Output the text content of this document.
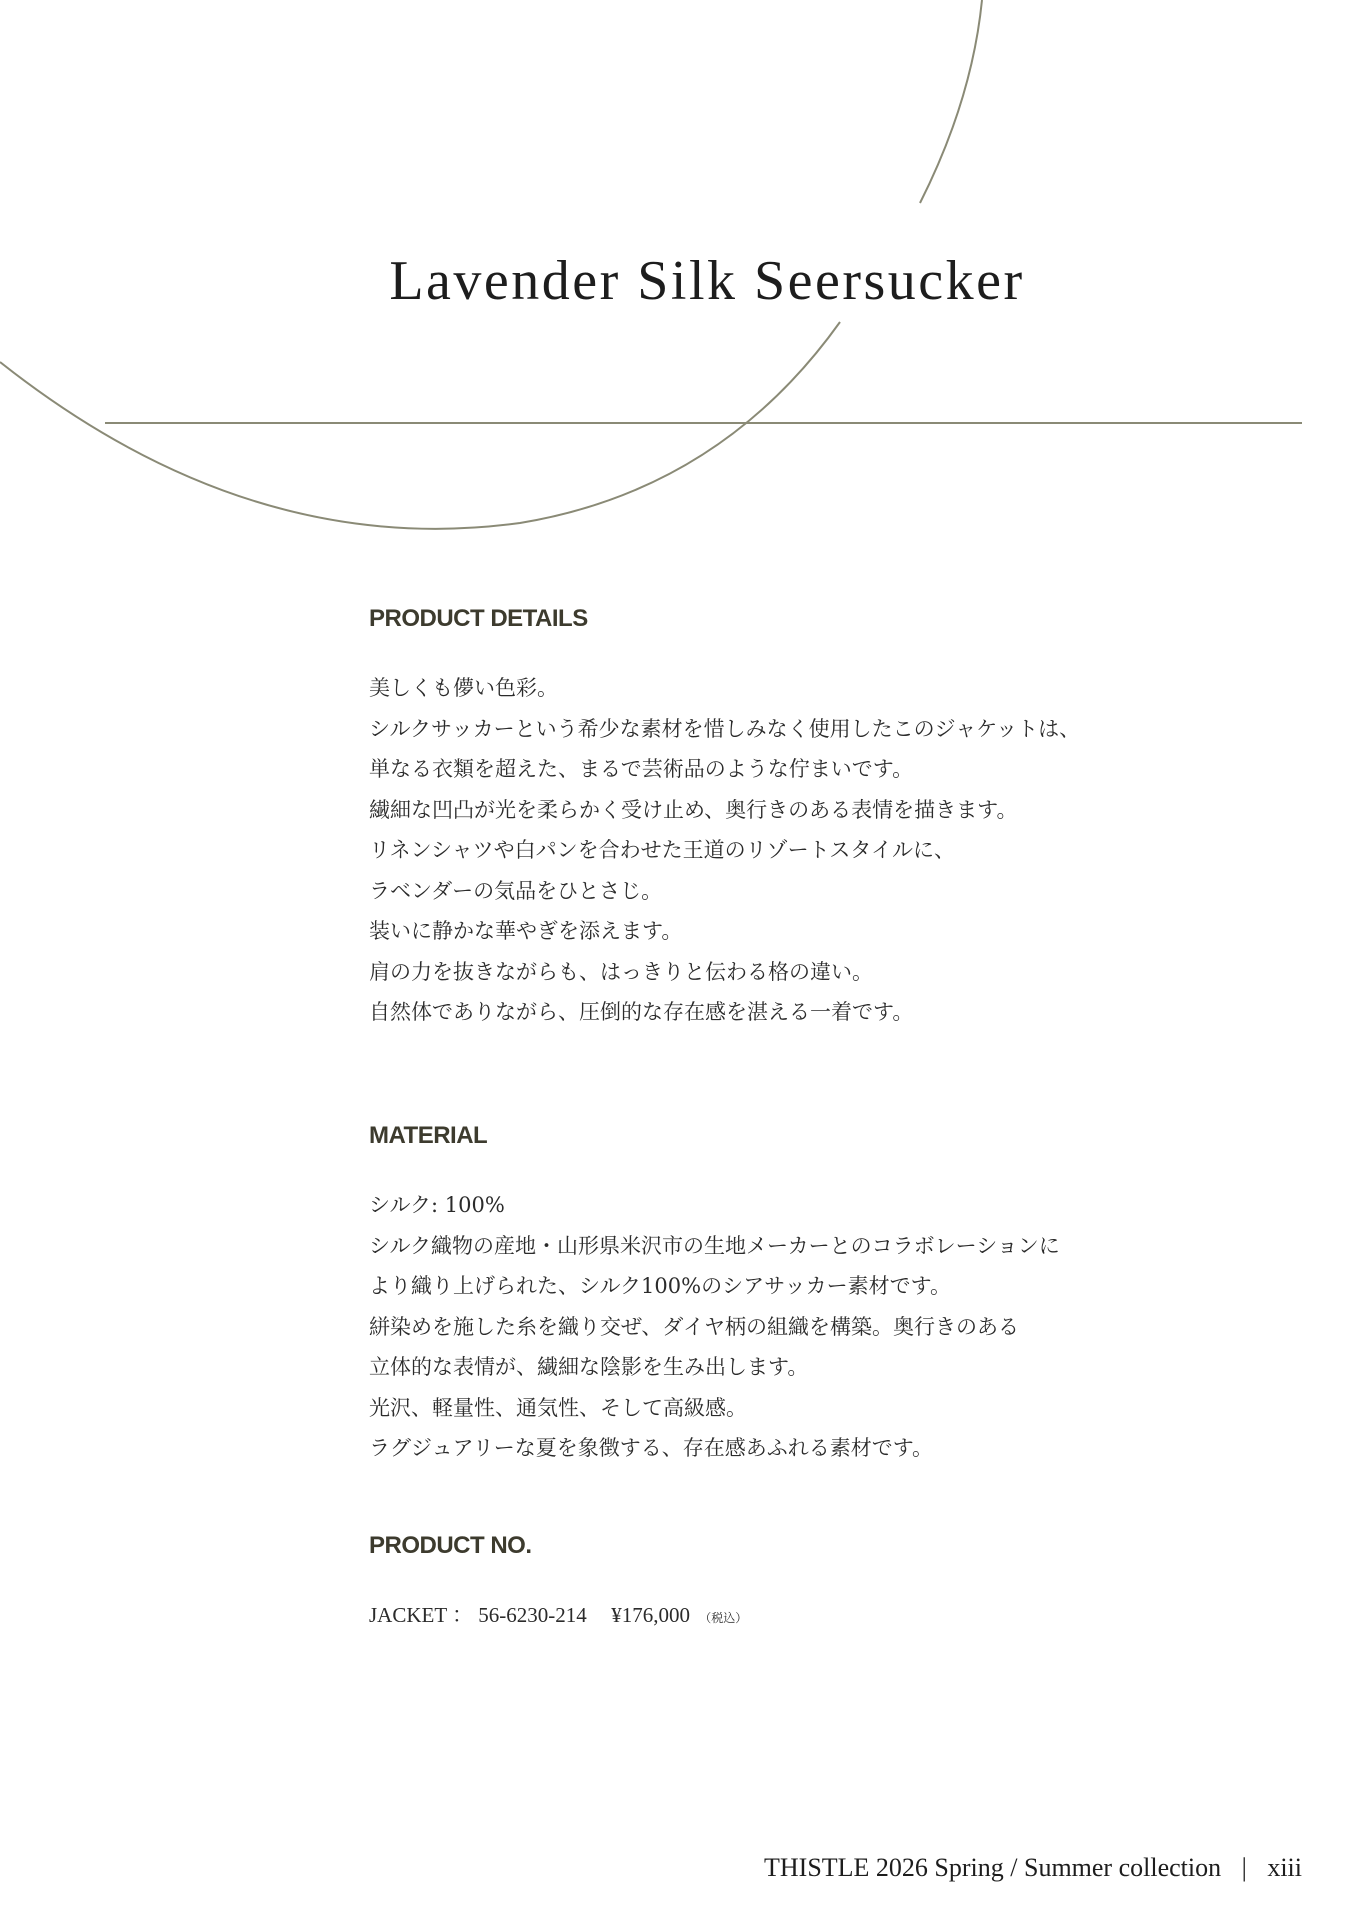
Lavender Silk Seersucker
PRODUCT DETAILS
美しくも儚い色彩。
シルクサッカーという希少な素材を惜しみなく使用したこのジャケットは、
単なる衣類を超えた、まるで芸術品のような佇まいです。
繊細な凹凸が光を柔らかく受け止め、奥行きのある表情を描きます。
リネンシャツや白パンを合わせた王道のリゾートスタイルに、
ラベンダーの気品をひとさじ。
装いに静かな華やぎを添えます。
肩の力を抜きながらも、はっきりと伝わる格の違い。
自然体でありながら、圧倒的な存在感を湛える一着です。
MATERIAL
シルク: 100%
シルク織物の産地・山形県米沢市の生地メーカーとのコラボレーションに
より織り上げられた、シルク100%のシアサッカー素材です。
絣染めを施した糸を織り交ぜ、ダイヤ柄の組織を構築。奥行きのある
立体的な表情が、繊細な陰影を生み出します。
光沢、軽量性、通気性、そして高級感。
ラグジュアリーな夏を象徴する、存在感あふれる素材です。
PRODUCT NO.
JACKET ： 56-6230-214 ¥176,000 （税込）
THISTLE 2026 Spring / Summer collection | xiii
